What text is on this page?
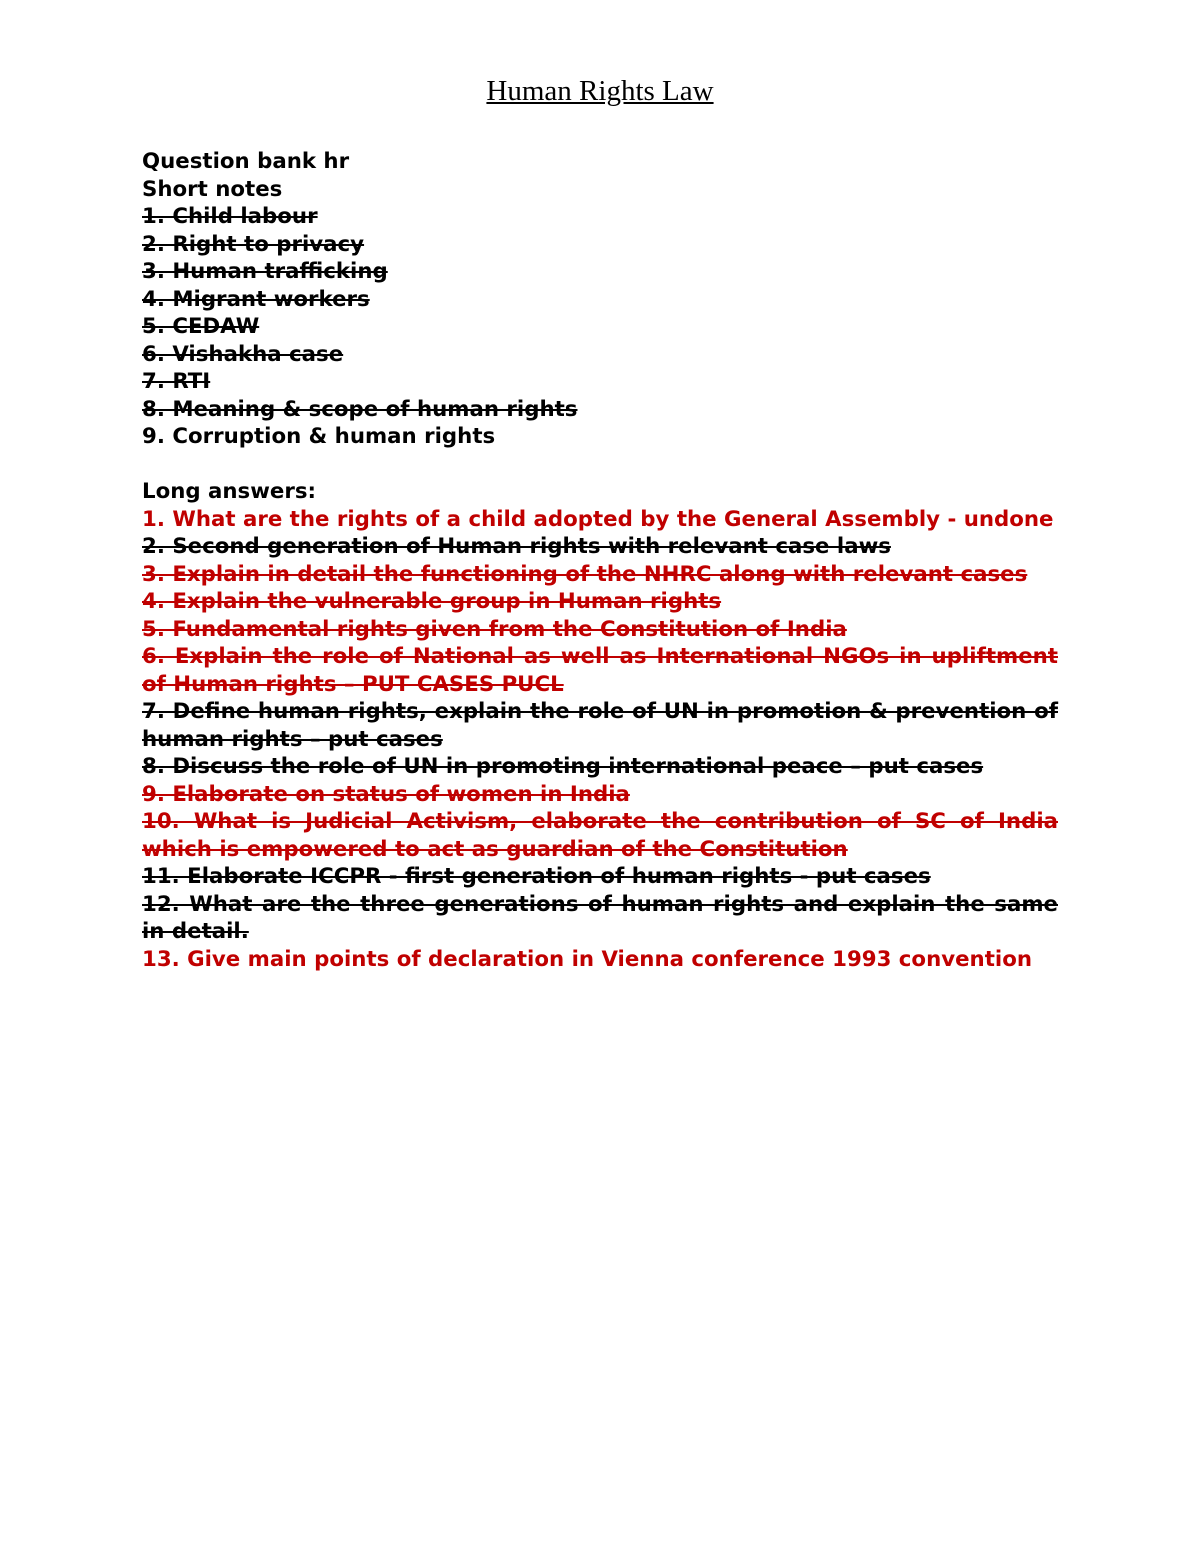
Human Rights Law

Question bank hr

Short notes

1. Child labour

2. Right to privacy

3. Human trafficking

4. Migrant workers

5. CEDAW

6. Vishakha case

7. RTI

8. Meaning & scope of human rights

9. Corruption & human rights

Long answers:

1. What are the rights of a child adopted by the General Assembly - undone

2. Second generation of Human rights with relevant case laws

3. Explain in detail the functioning of the NHRC along with relevant cases

4. Explain the vulnerable group in Human rights

5. Fundamental rights given from the Constitution of India

6. Explain the role of National as well as International NGOs in upliftment of Human rights – PUT CASES PUCL

7. Define human rights, explain the role of UN in promotion & prevention of human rights – put cases

8. Discuss the role of UN in promoting international peace – put cases

9. Elaborate on status of women in India

10. What is Judicial Activism, elaborate the contribution of SC of India which is empowered to act as guardian of the Constitution

11. Elaborate ICCPR - first generation of human rights - put cases

12. What are the three generations of human rights and explain the same in detail.

13. Give main points of declaration in Vienna conference 1993 convention
